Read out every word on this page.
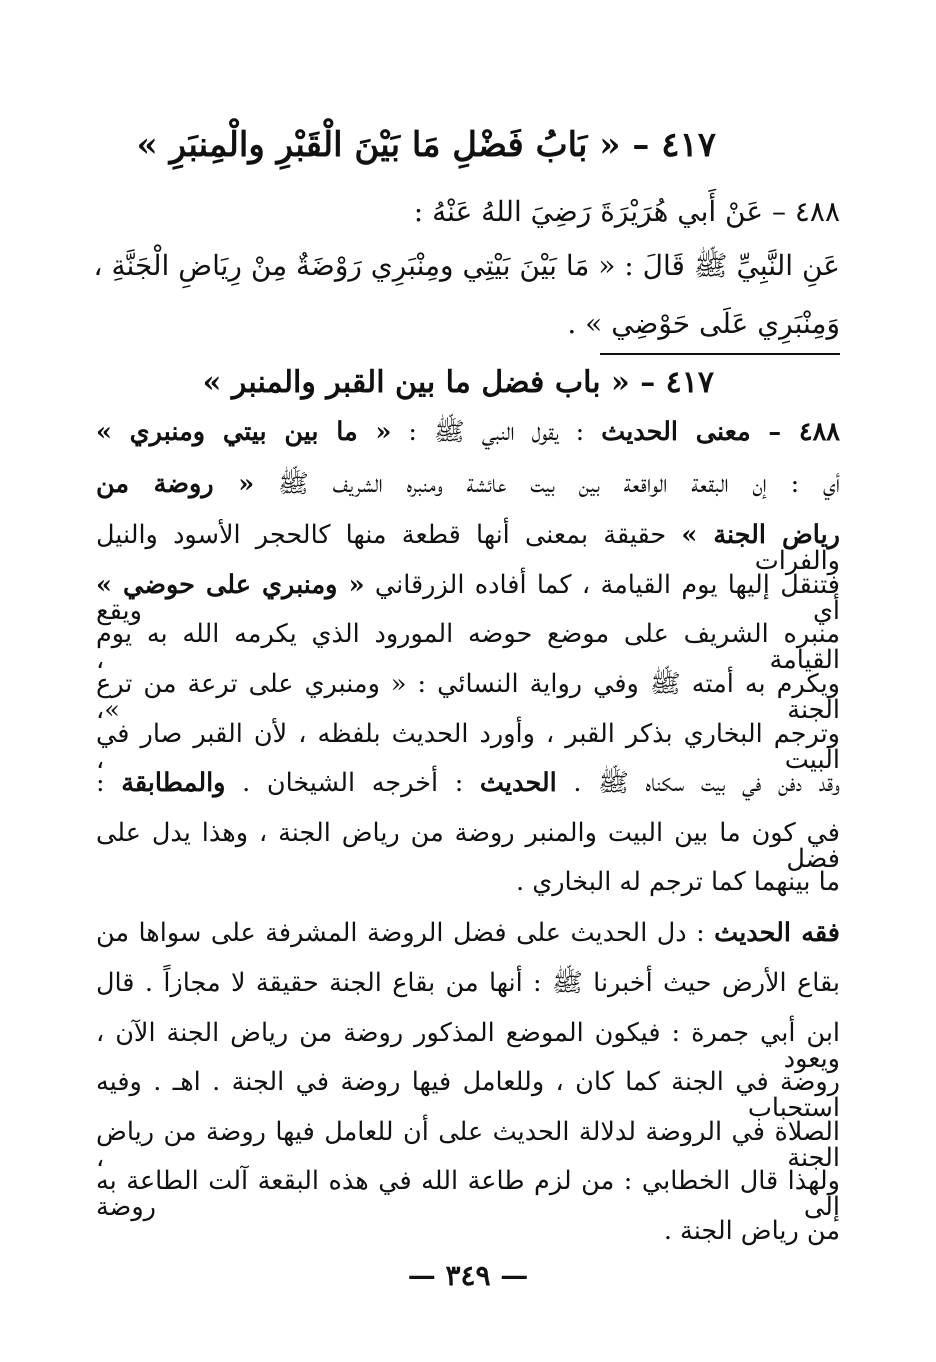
٤١٧ – « بَابُ فَضْلِ مَا بَيْنَ الْقَبْرِ والْمِنبَرِ »
٤٨٨ – عَنْ أَبي هُرَيْرَةَ رَضِيَ اللهُ عَنْهُ :
عَنِ النَّبِيِّ ﷺ قَالَ : « مَا بَيْنَ بَيْتِي ومِنْبَرِي رَوْضَةٌ مِنْ رِيَاضِ الْجَنَّةِ ،
وَمِنْبَرِي عَلَى حَوْضِي » .
٤١٧ – « باب فضل ما بين القبر والمنبر »
٤٨٨ – معنى الحديث : يقول النبي ﷺ : « ما بين بيتي ومنبري »
أي : إن البقعة الواقعة بين بيت عائشة ومنبره الشريف ﷺ « روضة من
رياض الجنة » حقيقة بمعنى أنها قطعة منها كالحجر الأسود والنيل والفرات
فتنقل إليها يوم القيامة ، كما أفاده الزرقاني « ومنبري على حوضي » أي ويقع
منبره الشريف على موضع حوضه المورود الذي يكرمه الله به يوم القيامة ،
ويكرم به أمته ﷺ وفي رواية النسائي : « ومنبري على ترعة من ترع الجنة »،
وترجم البخاري بذكر القبر ، وأورد الحديث بلفظه ، لأن القبر صار في البيت ،
وقد دفن في بيت سكناه ﷺ . الحديث : أخرجه الشيخان . والمطابقة :
في كون ما بين البيت والمنبر روضة من رياض الجنة ، وهذا يدل على فضل
ما بينهما كما ترجم له البخاري .
فقه الحديث : دل الحديث على فضل الروضة المشرفة على سواها من
بقاع الأرض حيث أخبرنا ﷺ : أنها من بقاع الجنة حقيقة لا مجازاً . قال
ابن أبي جمرة : فيكون الموضع المذكور روضة من رياض الجنة الآن ، ويعود
روضة في الجنة كما كان ، وللعامل فيها روضة في الجنة . اهـ . وفيه استحباب
الصلاة في الروضة لدلالة الحديث على أن للعامل فيها روضة من رياض الجنة ،
ولهذا قال الخطابي : من لزم طاعة الله في هذه البقعة آلت الطاعة به إلى روضة
من رياض الجنة .
— ٣٤٩ —
